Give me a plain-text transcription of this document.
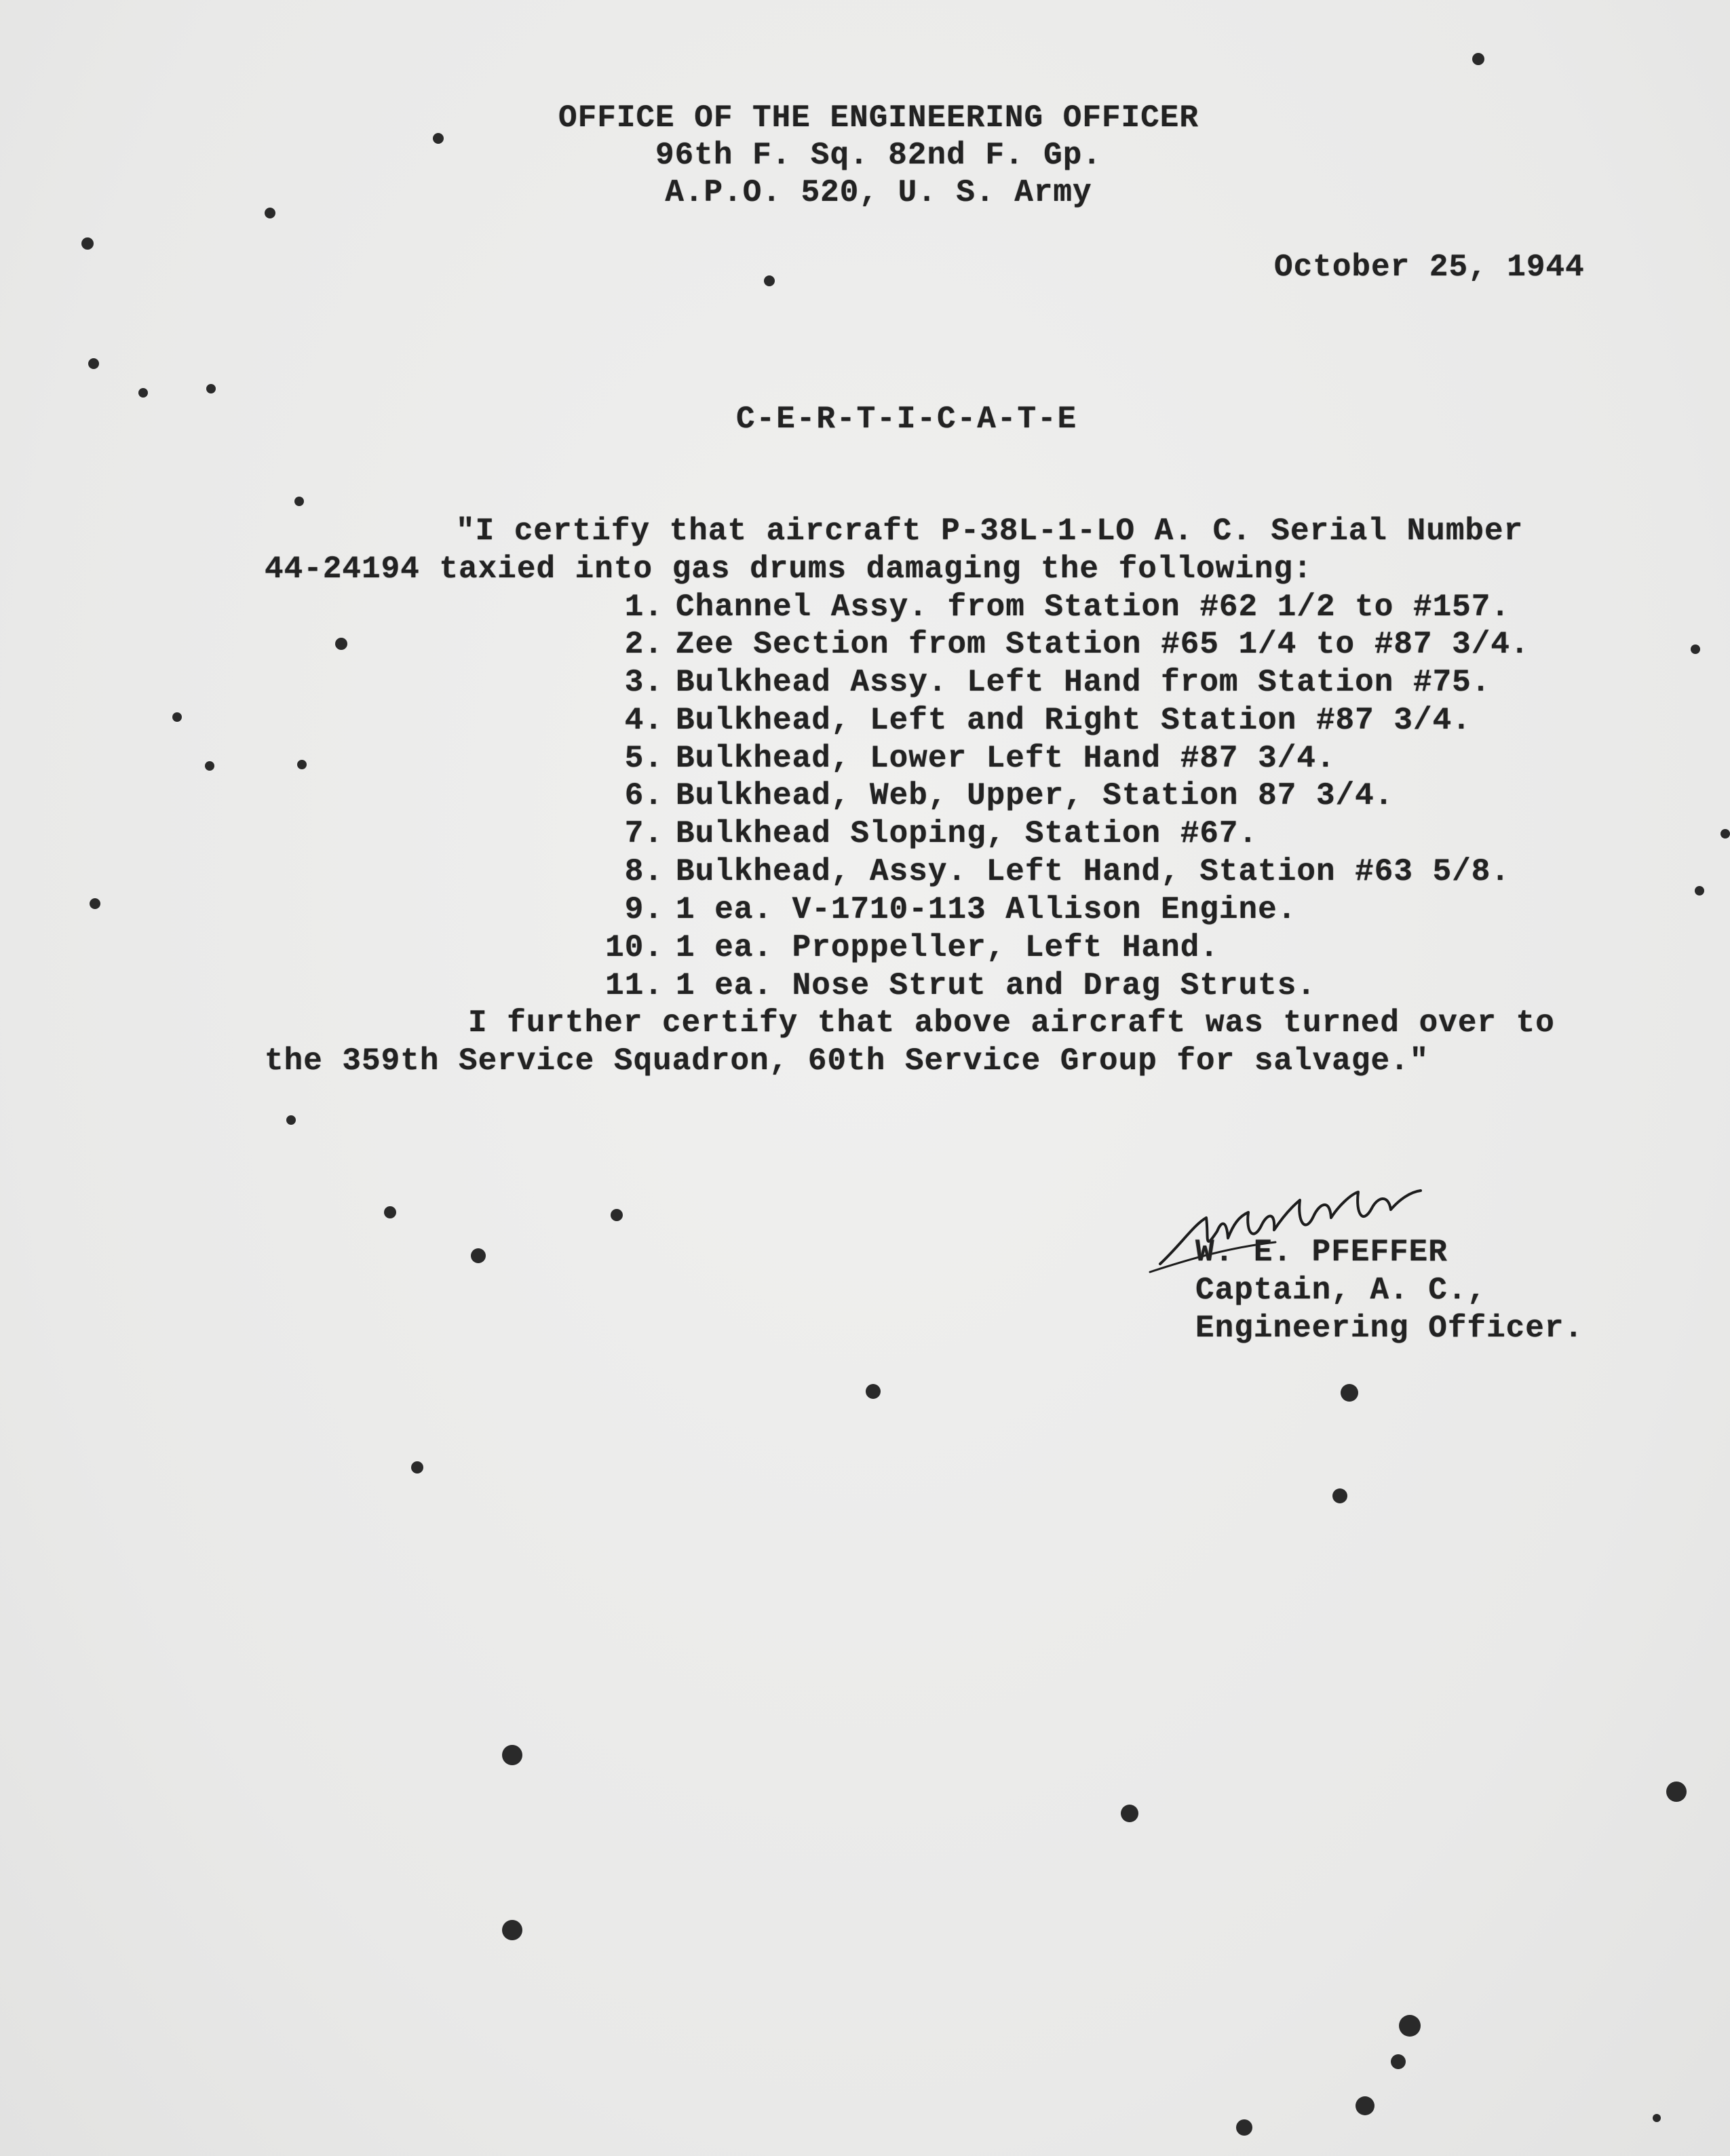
OFFICE OF THE ENGINEERING OFFICER
96th F. Sq. 82nd F. Gp.
A.P.O. 520, U. S. Army
October 25, 1944
C-E-R-T-I-C-A-T-E
"I certify that aircraft P-38L-1-LO A. C. Serial Number
44-24194 taxied into gas drums damaging the following:
1. Channel Assy. from Station #62 1/2 to #157.
2. Zee Section from Station #65 1/4 to #87 3/4.
3. Bulkhead Assy. Left Hand from Station #75.
4. Bulkhead, Left and Right Station #87 3/4.
5. Bulkhead, Lower Left Hand #87 3/4.
6. Bulkhead, Web, Upper, Station 87 3/4.
7. Bulkhead Sloping, Station #67.
8. Bulkhead, Assy. Left Hand, Station #63 5/8.
9. 1 ea. V-1710-113 Allison Engine.
10. 1 ea. Proppeller, Left Hand.
11. 1 ea. Nose Strut and Drag Struts.
I further certify that above aircraft was turned over to
the 359th Service Squadron, 60th Service Group for salvage."
W. E. PFEFFER
Captain, A. C.,
Engineering Officer.
